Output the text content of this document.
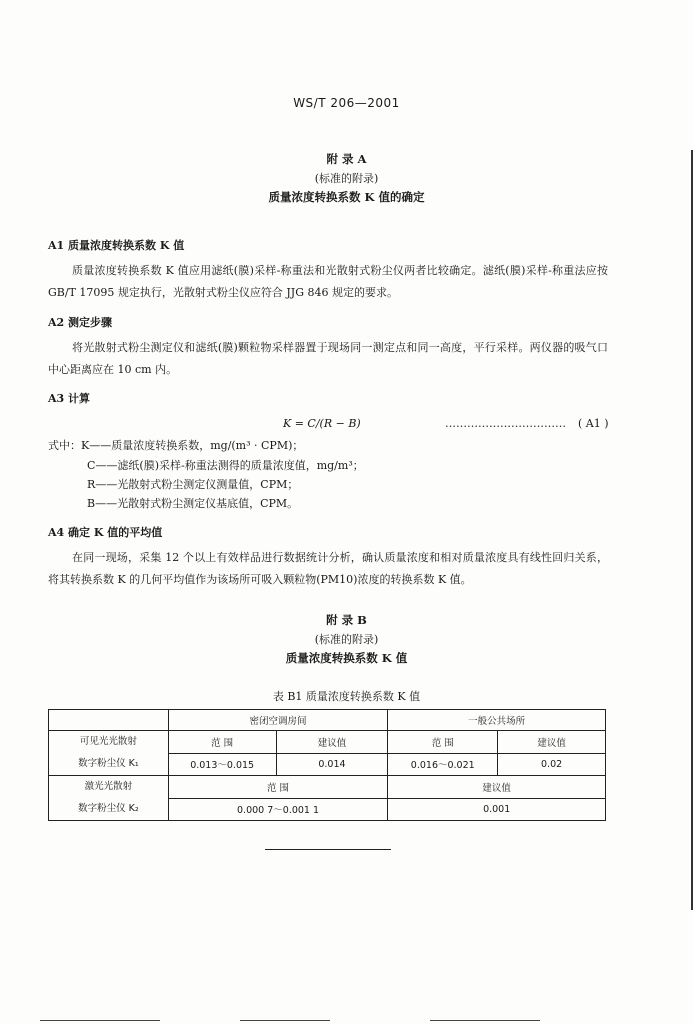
WS/T 206—2001
附 录 A
(标准的附录)
质量浓度转换系数 K 值的确定
A1 质量浓度转换系数 K 值
质量浓度转换系数 K 值应用滤纸(膜)采样-称重法和光散射式粉尘仪两者比较确定。滤纸(膜)采样-称重法应按 GB/T 17095 规定执行，光散射式粉尘仪应符合 JJG 846 规定的要求。
A2 测定步骤
将光散射式粉尘测定仪和滤纸(膜)颗粒物采样器置于现场同一测定点和同一高度，平行采样。两仪器的吸气口中心距离应在 10 cm 内。
A3 计算
K = C/(R − B)	…………………………… ( A1 )
式中：K——质量浓度转换系数，mg/(m³ · CPM)；
C——滤纸(膜)采样-称重法测得的质量浓度值，mg/m³；
R——光散射式粉尘测定仪测量值，CPM；
B——光散射式粉尘测定仪基底值，CPM。
A4 确定 K 值的平均值
在同一现场，采集 12 个以上有效样品进行数据统计分析，确认质量浓度和相对质量浓度具有线性回归关系，将其转换系数 K 的几何平均值作为该场所可吸入颗粒物(PM10)浓度的转换系数 K 值。
附 录 B
(标准的附录)
质量浓度转换系数 K 值
表 B1 质量浓度转换系数 K 值
	密闭空调房间		一般公共场所	

可见光光散射
数字粉尘仪 K₁	范 围	建议值	范 围	建议值
	0.013～0.015	0.014	0.016～0.021	0.02

激光光散射
数字粉尘仪 K₂	范 围		建议值	
	0.000 7～0.001 1		0.001	
